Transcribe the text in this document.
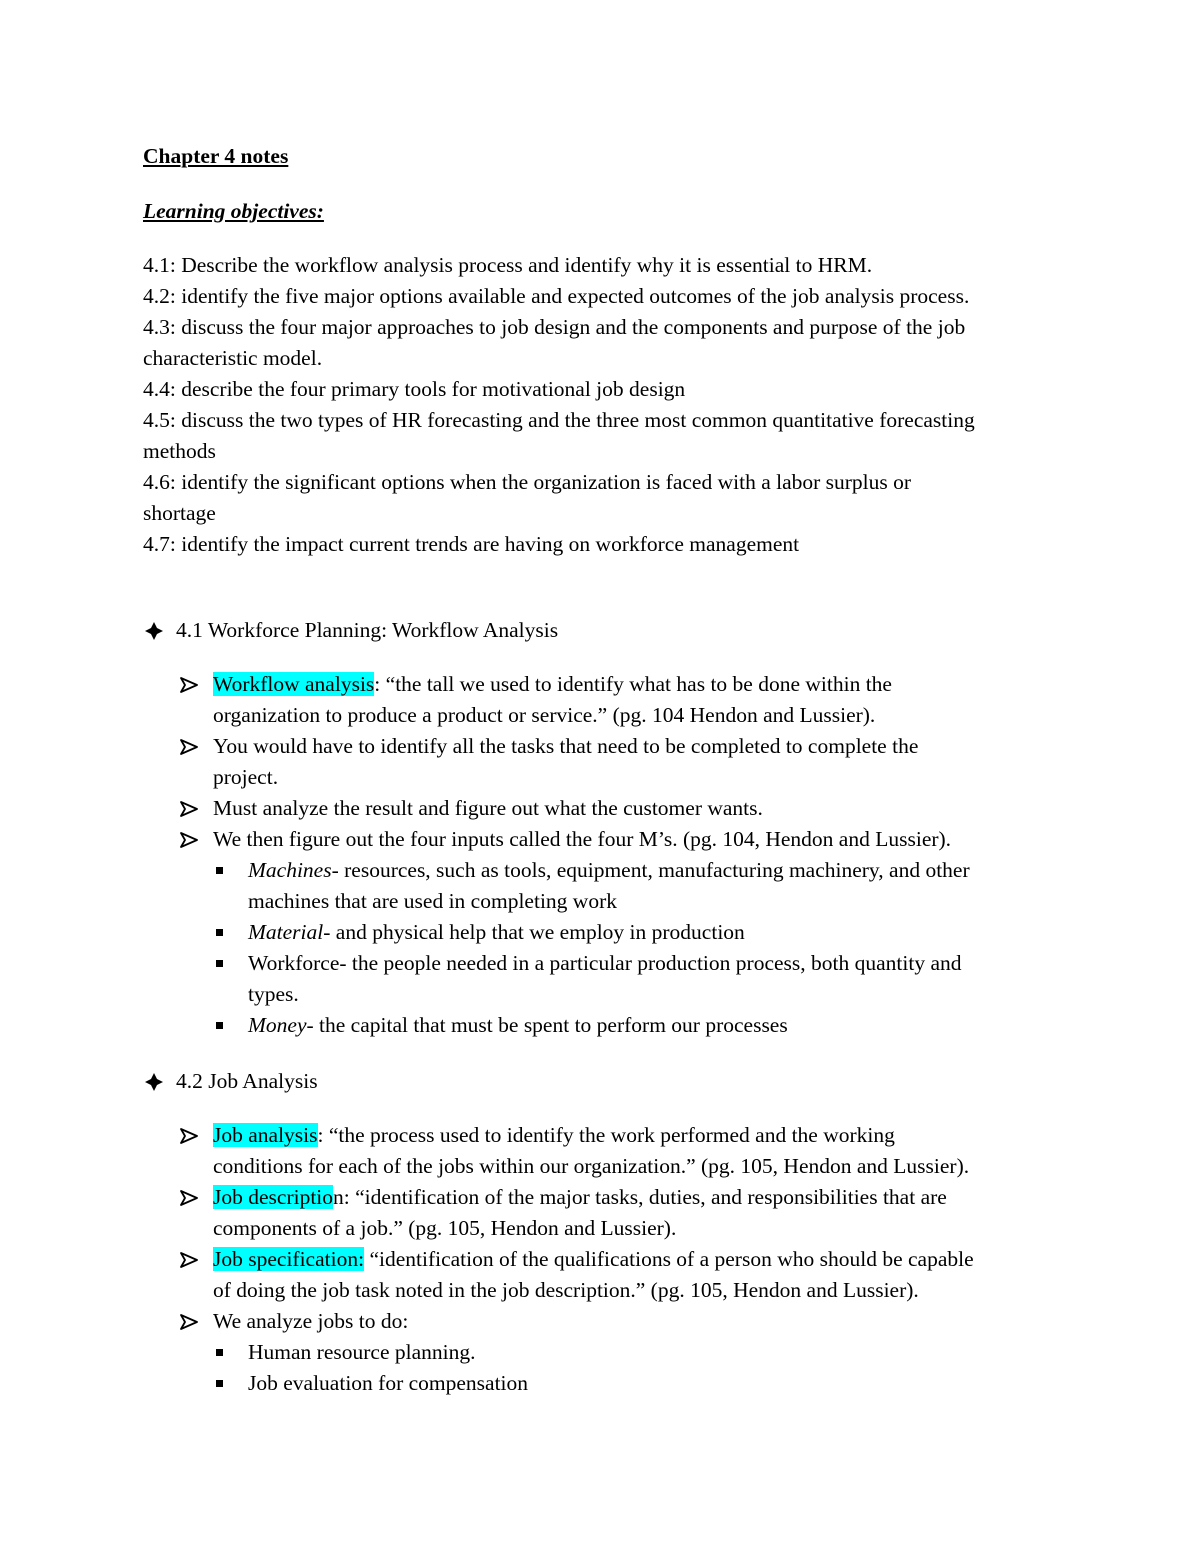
Chapter 4 notes
Learning objectives:
4.1: Describe the workflow analysis process and identify why it is essential to HRM.
4.2: identify the five major options available and expected outcomes of the job analysis process.
4.3: discuss the four major approaches to job design and the components and purpose of the job
characteristic model.
4.4: describe the four primary tools for motivational job design
4.5: discuss the two types of HR forecasting and the three most common quantitative forecasting
methods
4.6: identify the significant options when the organization is faced with a labor surplus or
shortage
4.7: identify the impact current trends are having on workforce management
4.1 Workforce Planning: Workflow Analysis
Workflow analysis: “the tall we used to identify what has to be done within the
organization to produce a product or service.” (pg. 104 Hendon and Lussier).
You would have to identify all the tasks that need to be completed to complete the
project.
Must analyze the result and figure out what the customer wants.
We then figure out the four inputs called the four M’s. (pg. 104, Hendon and Lussier).
Machines- resources, such as tools, equipment, manufacturing machinery, and other
machines that are used in completing work
Material- and physical help that we employ in production
Workforce- the people needed in a particular production process, both quantity and
types.
Money- the capital that must be spent to perform our processes
4.2 Job Analysis
Job analysis: “the process used to identify the work performed and the working
conditions for each of the jobs within our organization.” (pg. 105, Hendon and Lussier).
Job description: “identification of the major tasks, duties, and responsibilities that are
components of a job.” (pg. 105, Hendon and Lussier).
Job specification: “identification of the qualifications of a person who should be capable
of doing the job task noted in the job description.” (pg. 105, Hendon and Lussier).
We analyze jobs to do:
Human resource planning.
Job evaluation for compensation
